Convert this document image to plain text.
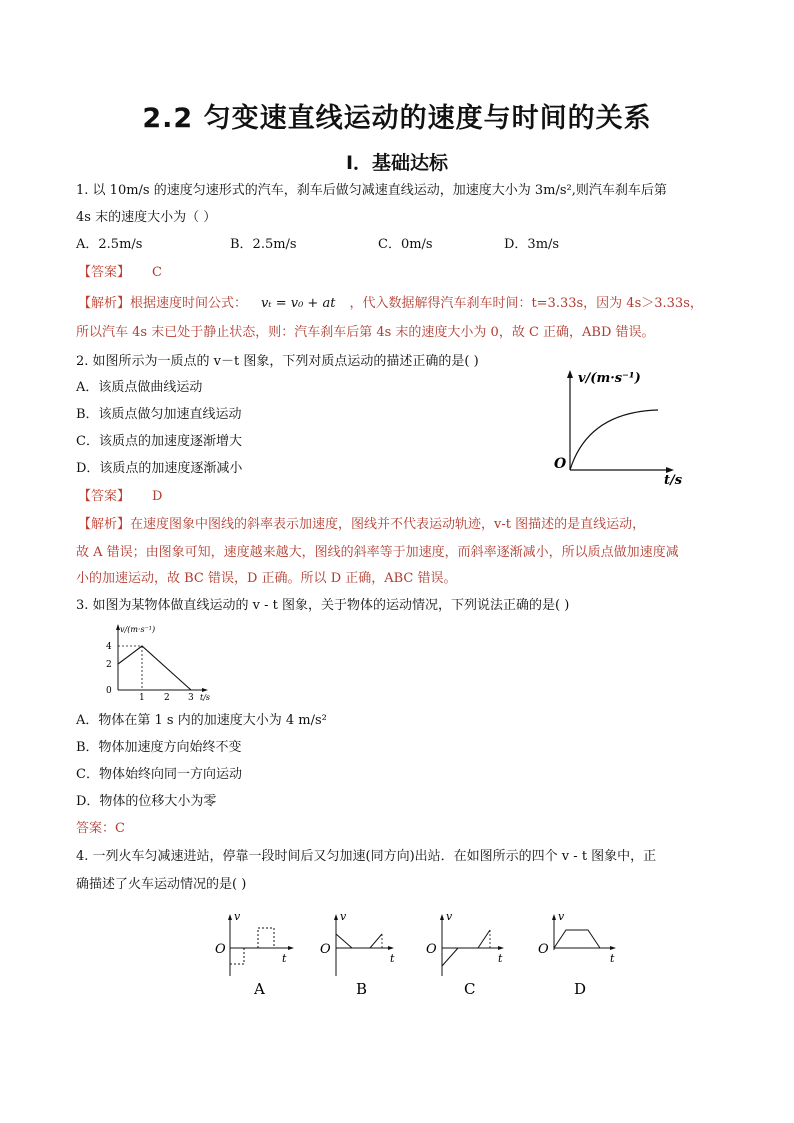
2.2 匀变速直线运动的速度与时间的关系
Ⅰ．基础达标
1. 以 10m/s 的速度匀速形式的汽车，刹车后做匀减速直线运动，加速度大小为 3m/s²,则汽车刹车后第
4s 末的速度大小为（ ）
A．2.5m/s	B．2.5m/s	C．0m/s	D．3m/s
【答案】 C
【解析】根据速度时间公式： vₜ = v₀ + at ，代入数据解得汽车刹车时间：t=3.33s，因为 4s＞3.33s，
所以汽车 4s 末已处于静止状态，则：汽车刹车后第 4s 末的速度大小为 0，故 C 正确，ABD 错误。
2. 如图所示为一质点的 v－t 图象，下列对质点运动的描述正确的是( )
A．该质点做曲线运动
B．该质点做匀加速直线运动
C．该质点的加速度逐渐增大
D．该质点的加速度逐渐减小
v/(m·s⁻¹)
O
t/s
【答案】 D
【解析】在速度图象中图线的斜率表示加速度，图线并不代表运动轨迹，v-t 图描述的是直线运动，
故 A 错误；由图象可知，速度越来越大，图线的斜率等于加速度，而斜率逐渐减小，所以质点做加速度减
小的加速运动，故 BC 错误，D 正确。所以 D 正确，ABC 错误。
3. 如图为某物体做直线运动的 v - t 图象，关于物体的运动情况，下列说法正确的是( )
v/(m·s⁻¹)
4
2
0
1 2 3 t/s
A．物体在第 1 s 内的加速度大小为 4 m/s²
B．物体加速度方向始终不变
C．物体始终向同一方向运动
D．物体的位移大小为零
答案：C
4. 一列火车匀减速进站，停靠一段时间后又匀加速(同方向)出站．在如图所示的四个 v - t 图象中，正
确描述了火车运动情况的是( )
v
O
t
A
v
O
t
B
v
O
t
C
v
O
t
D
